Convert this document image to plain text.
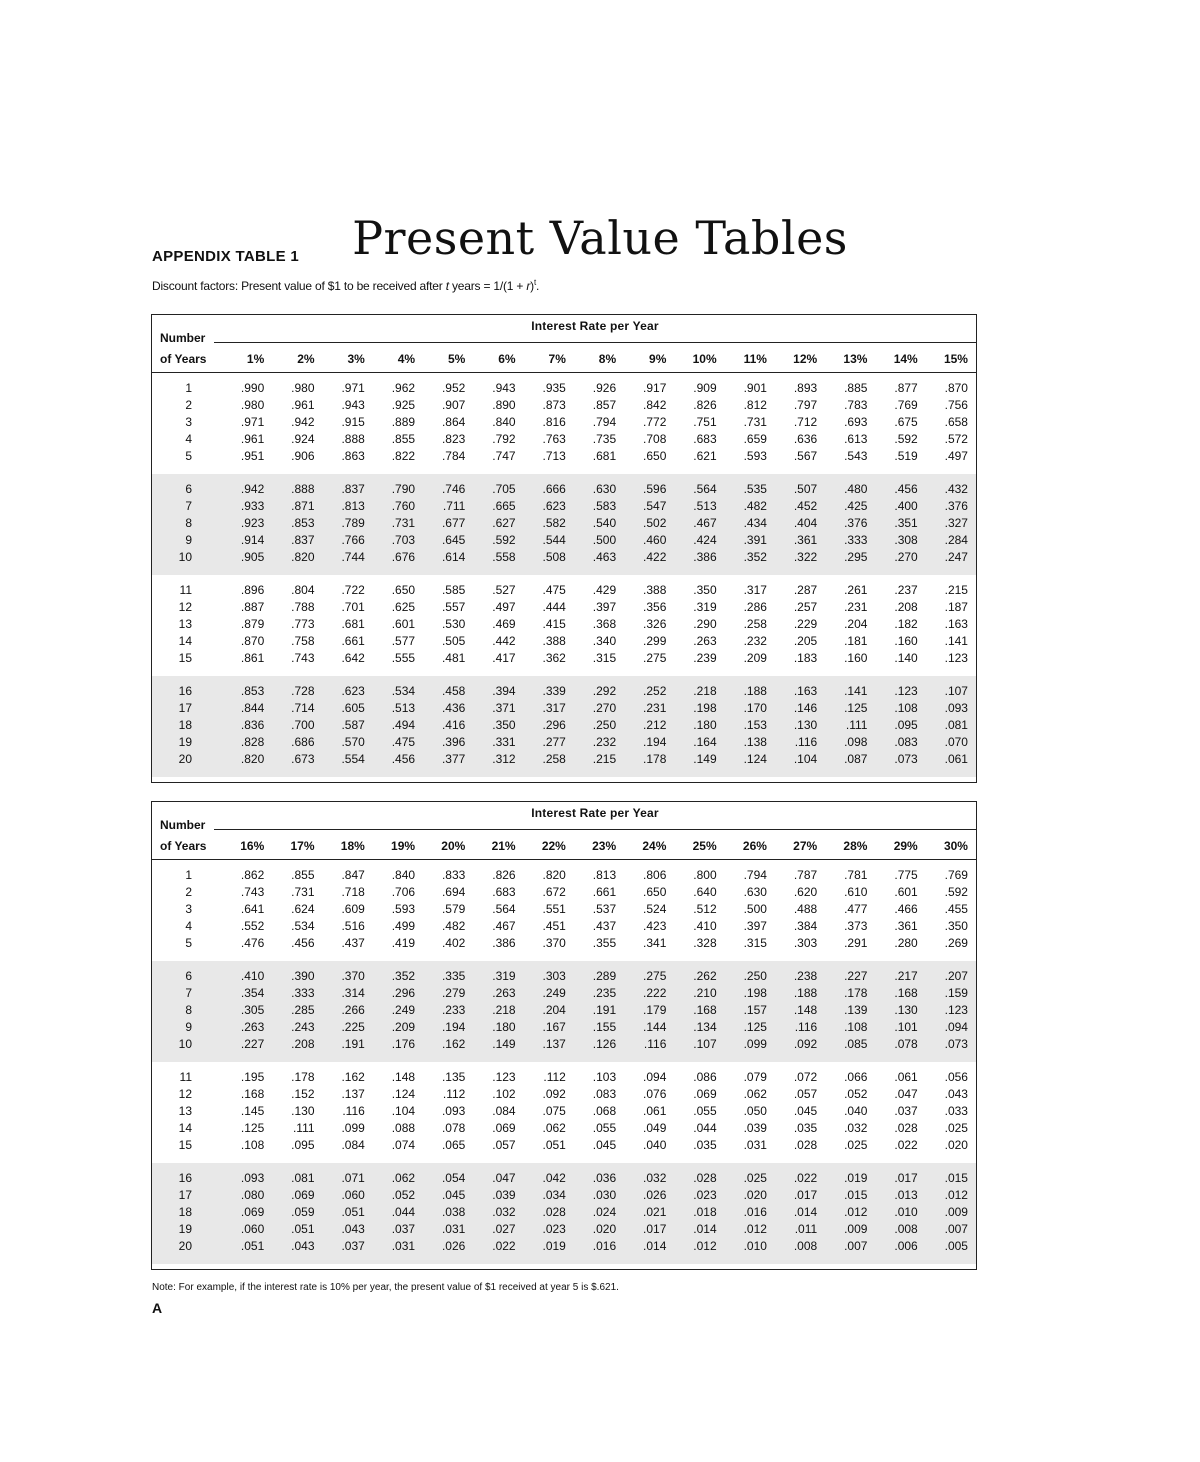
Present Value Tables
APPENDIX TABLE 1
Discount factors: Present value of $1 to be received after t years = $1/(1 + r)^t$.
Number
Interest Rate per Year
of Years	1%	2%	3%	4%	5%	6%	7%	8%	9%	10%	11%	12%	13%	14%	15%
1	.990	.980	.971	.962	.952	.943	.935	.926	.917	.909	.901	.893	.885	.877	.870
2	.980	.961	.943	.925	.907	.890	.873	.857	.842	.826	.812	.797	.783	.769	.756
3	.971	.942	.915	.889	.864	.840	.816	.794	.772	.751	.731	.712	.693	.675	.658
4	.961	.924	.888	.855	.823	.792	.763	.735	.708	.683	.659	.636	.613	.592	.572
5	.951	.906	.863	.822	.784	.747	.713	.681	.650	.621	.593	.567	.543	.519	.497
6	.942	.888	.837	.790	.746	.705	.666	.630	.596	.564	.535	.507	.480	.456	.432
7	.933	.871	.813	.760	.711	.665	.623	.583	.547	.513	.482	.452	.425	.400	.376
8	.923	.853	.789	.731	.677	.627	.582	.540	.502	.467	.434	.404	.376	.351	.327
9	.914	.837	.766	.703	.645	.592	.544	.500	.460	.424	.391	.361	.333	.308	.284
10	.905	.820	.744	.676	.614	.558	.508	.463	.422	.386	.352	.322	.295	.270	.247
11	.896	.804	.722	.650	.585	.527	.475	.429	.388	.350	.317	.287	.261	.237	.215
12	.887	.788	.701	.625	.557	.497	.444	.397	.356	.319	.286	.257	.231	.208	.187
13	.879	.773	.681	.601	.530	.469	.415	.368	.326	.290	.258	.229	.204	.182	.163
14	.870	.758	.661	.577	.505	.442	.388	.340	.299	.263	.232	.205	.181	.160	.141
15	.861	.743	.642	.555	.481	.417	.362	.315	.275	.239	.209	.183	.160	.140	.123
16	.853	.728	.623	.534	.458	.394	.339	.292	.252	.218	.188	.163	.141	.123	.107
17	.844	.714	.605	.513	.436	.371	.317	.270	.231	.198	.170	.146	.125	.108	.093
18	.836	.700	.587	.494	.416	.350	.296	.250	.212	.180	.153	.130	.111	.095	.081
19	.828	.686	.570	.475	.396	.331	.277	.232	.194	.164	.138	.116	.098	.083	.070
20	.820	.673	.554	.456	.377	.312	.258	.215	.178	.149	.124	.104	.087	.073	.061
Number
Interest Rate per Year
of Years	16%	17%	18%	19%	20%	21%	22%	23%	24%	25%	26%	27%	28%	29%	30%
1	.862	.855	.847	.840	.833	.826	.820	.813	.806	.800	.794	.787	.781	.775	.769
2	.743	.731	.718	.706	.694	.683	.672	.661	.650	.640	.630	.620	.610	.601	.592
3	.641	.624	.609	.593	.579	.564	.551	.537	.524	.512	.500	.488	.477	.466	.455
4	.552	.534	.516	.499	.482	.467	.451	.437	.423	.410	.397	.384	.373	.361	.350
5	.476	.456	.437	.419	.402	.386	.370	.355	.341	.328	.315	.303	.291	.280	.269
6	.410	.390	.370	.352	.335	.319	.303	.289	.275	.262	.250	.238	.227	.217	.207
7	.354	.333	.314	.296	.279	.263	.249	.235	.222	.210	.198	.188	.178	.168	.159
8	.305	.285	.266	.249	.233	.218	.204	.191	.179	.168	.157	.148	.139	.130	.123
9	.263	.243	.225	.209	.194	.180	.167	.155	.144	.134	.125	.116	.108	.101	.094
10	.227	.208	.191	.176	.162	.149	.137	.126	.116	.107	.099	.092	.085	.078	.073
11	.195	.178	.162	.148	.135	.123	.112	.103	.094	.086	.079	.072	.066	.061	.056
12	.168	.152	.137	.124	.112	.102	.092	.083	.076	.069	.062	.057	.052	.047	.043
13	.145	.130	.116	.104	.093	.084	.075	.068	.061	.055	.050	.045	.040	.037	.033
14	.125	.111	.099	.088	.078	.069	.062	.055	.049	.044	.039	.035	.032	.028	.025
15	.108	.095	.084	.074	.065	.057	.051	.045	.040	.035	.031	.028	.025	.022	.020
16	.093	.081	.071	.062	.054	.047	.042	.036	.032	.028	.025	.022	.019	.017	.015
17	.080	.069	.060	.052	.045	.039	.034	.030	.026	.023	.020	.017	.015	.013	.012
18	.069	.059	.051	.044	.038	.032	.028	.024	.021	.018	.016	.014	.012	.010	.009
19	.060	.051	.043	.037	.031	.027	.023	.020	.017	.014	.012	.011	.009	.008	.007
20	.051	.043	.037	.031	.026	.022	.019	.016	.014	.012	.010	.008	.007	.006	.005
Note: For example, if the interest rate is 10% per year, the present value of $1 received at year 5 is $.621.
A
